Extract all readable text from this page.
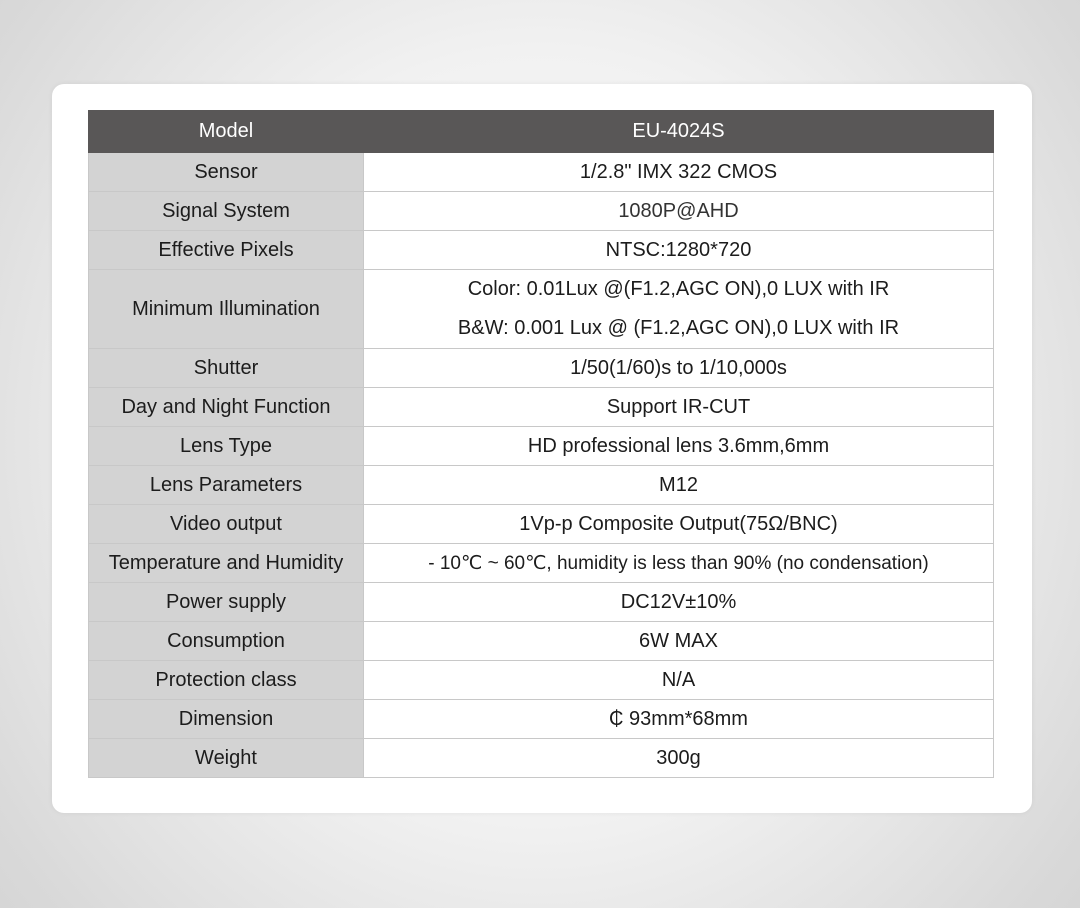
Model	EU-4024S
Sensor	1/2.8" IMX 322 CMOS
Signal System	1080P@AHD
Effective Pixels	NTSC:1280*720
Minimum Illumination	Color: 0.01Lux @(F1.2,AGC ON),0 LUX with IR
B&W: 0.001 Lux @ (F1.2,AGC ON),0 LUX with IR

Shutter	1/50(1/60)s to 1/10,000s
Day and Night Function	Support IR-CUT
Lens Type	HD professional lens 3.6mm,6mm
Lens Parameters	M12
Video output	1Vp-p Composite Output(75Ω/BNC)
Temperature and Humidity	- 10℃ ~ 60℃, humidity is less than 90% (no condensation)
Power supply	DC12V±10%
Consumption	6W MAX
Protection class	N/A
Dimension	₵ 93mm*68mm
Weight	300g
